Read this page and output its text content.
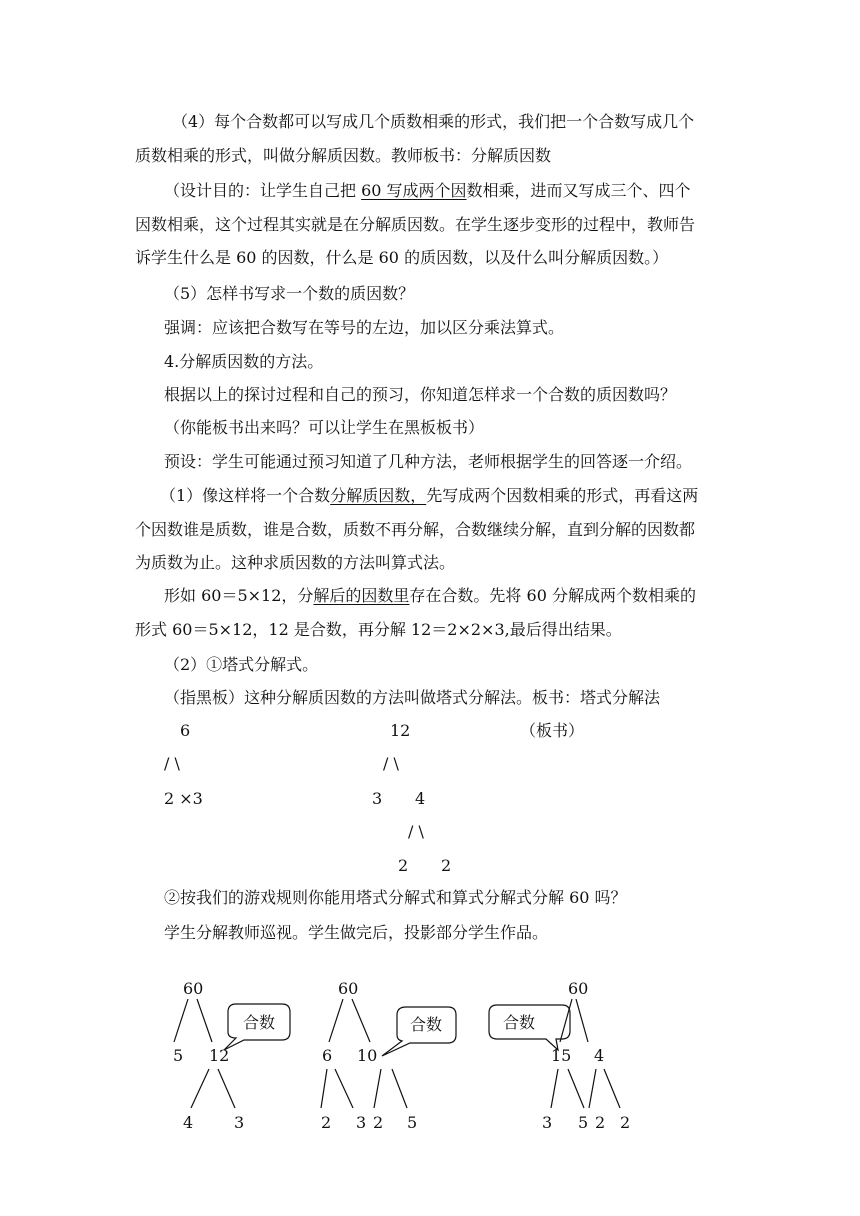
（4）每个合数都可以写成几个质数相乘的形式，我们把一个合数写成几个
质数相乘的形式，叫做分解质因数。教师板书：分解质因数
（设计目的：让学生自己把 60 写成两个因数相乘，进而又写成三个、四个
因数相乘，这个过程其实就是在分解质因数。在学生逐步变形的过程中，教师告
诉学生什么是 60 的因数，什么是 60 的质因数，以及什么叫分解质因数。）
（5）怎样书写求一个数的质因数？
强调：应该把合数写在等号的左边，加以区分乘法算式。
4.分解质因数的方法。
根据以上的探讨过程和自己的预习，你知道怎样求一个合数的质因数吗？
（你能板书出来吗？可以让学生在黑板板书）
预设：学生可能通过预习知道了几种方法，老师根据学生的回答逐一介绍。
（1）像这样将一个合数分解质因数，先写成两个因数相乘的形式，再看这两
个因数谁是质数，谁是合数，质数不再分解，合数继续分解，直到分解的因数都
为质数为止。这种求质因数的方法叫算式法。
形如 60＝5×12，分解后的因数里存在合数。先将 60 分解成两个数相乘的
形式 60＝5×12，12 是合数，再分解 12＝2×2×3,最后得出结果。
（2）①塔式分解式。
（指黑板）这种分解质因数的方法叫做塔式分解法。板书：塔式分解法
6
/ \
2 ×3
12
/ \
3 4
/ \
2 2
（板书）
②按我们的游戏规则你能用塔式分解式和算式分解式分解 60 吗？
学生分解教师巡视。学生做完后，投影部分学生作品。
60
5 12
合数
4	3
60
6 10
合数
2 3 2 5
60
15 4
合数
3 5 2 2
